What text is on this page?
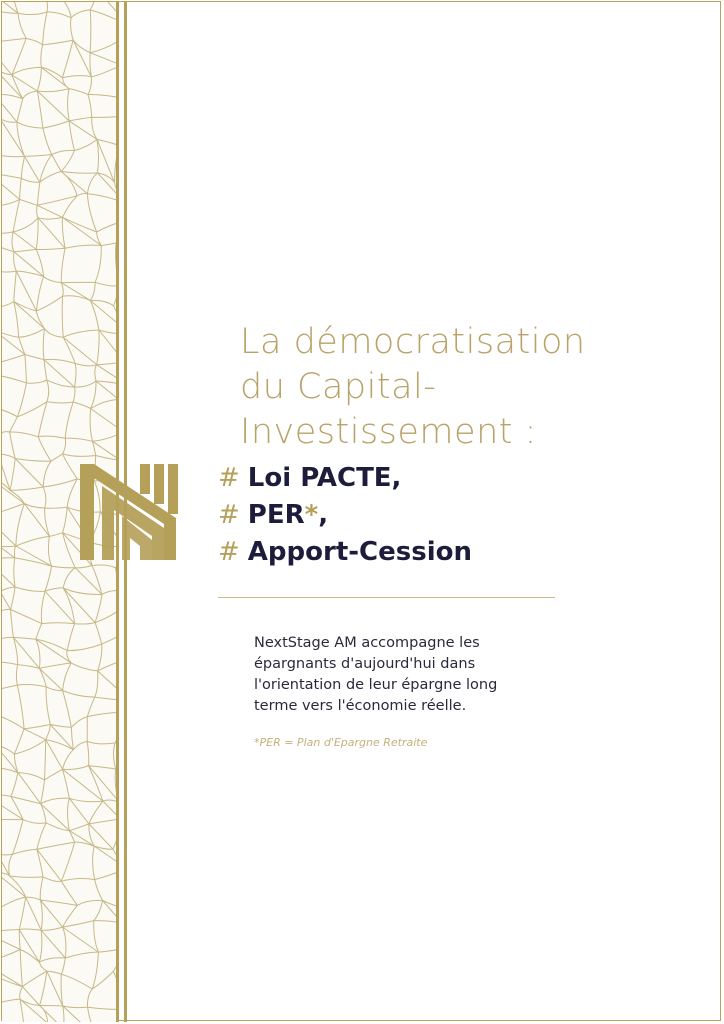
La démocratisation
du Capital-
Investissement :
# Loi PACTE,
# PER*,
# Apport-Cession
NextStage AM accompagne les
épargnants d'aujourd'hui dans
l'orientation de leur épargne long
terme vers l'économie réelle.
*PER = Plan d'Epargne Retraite
